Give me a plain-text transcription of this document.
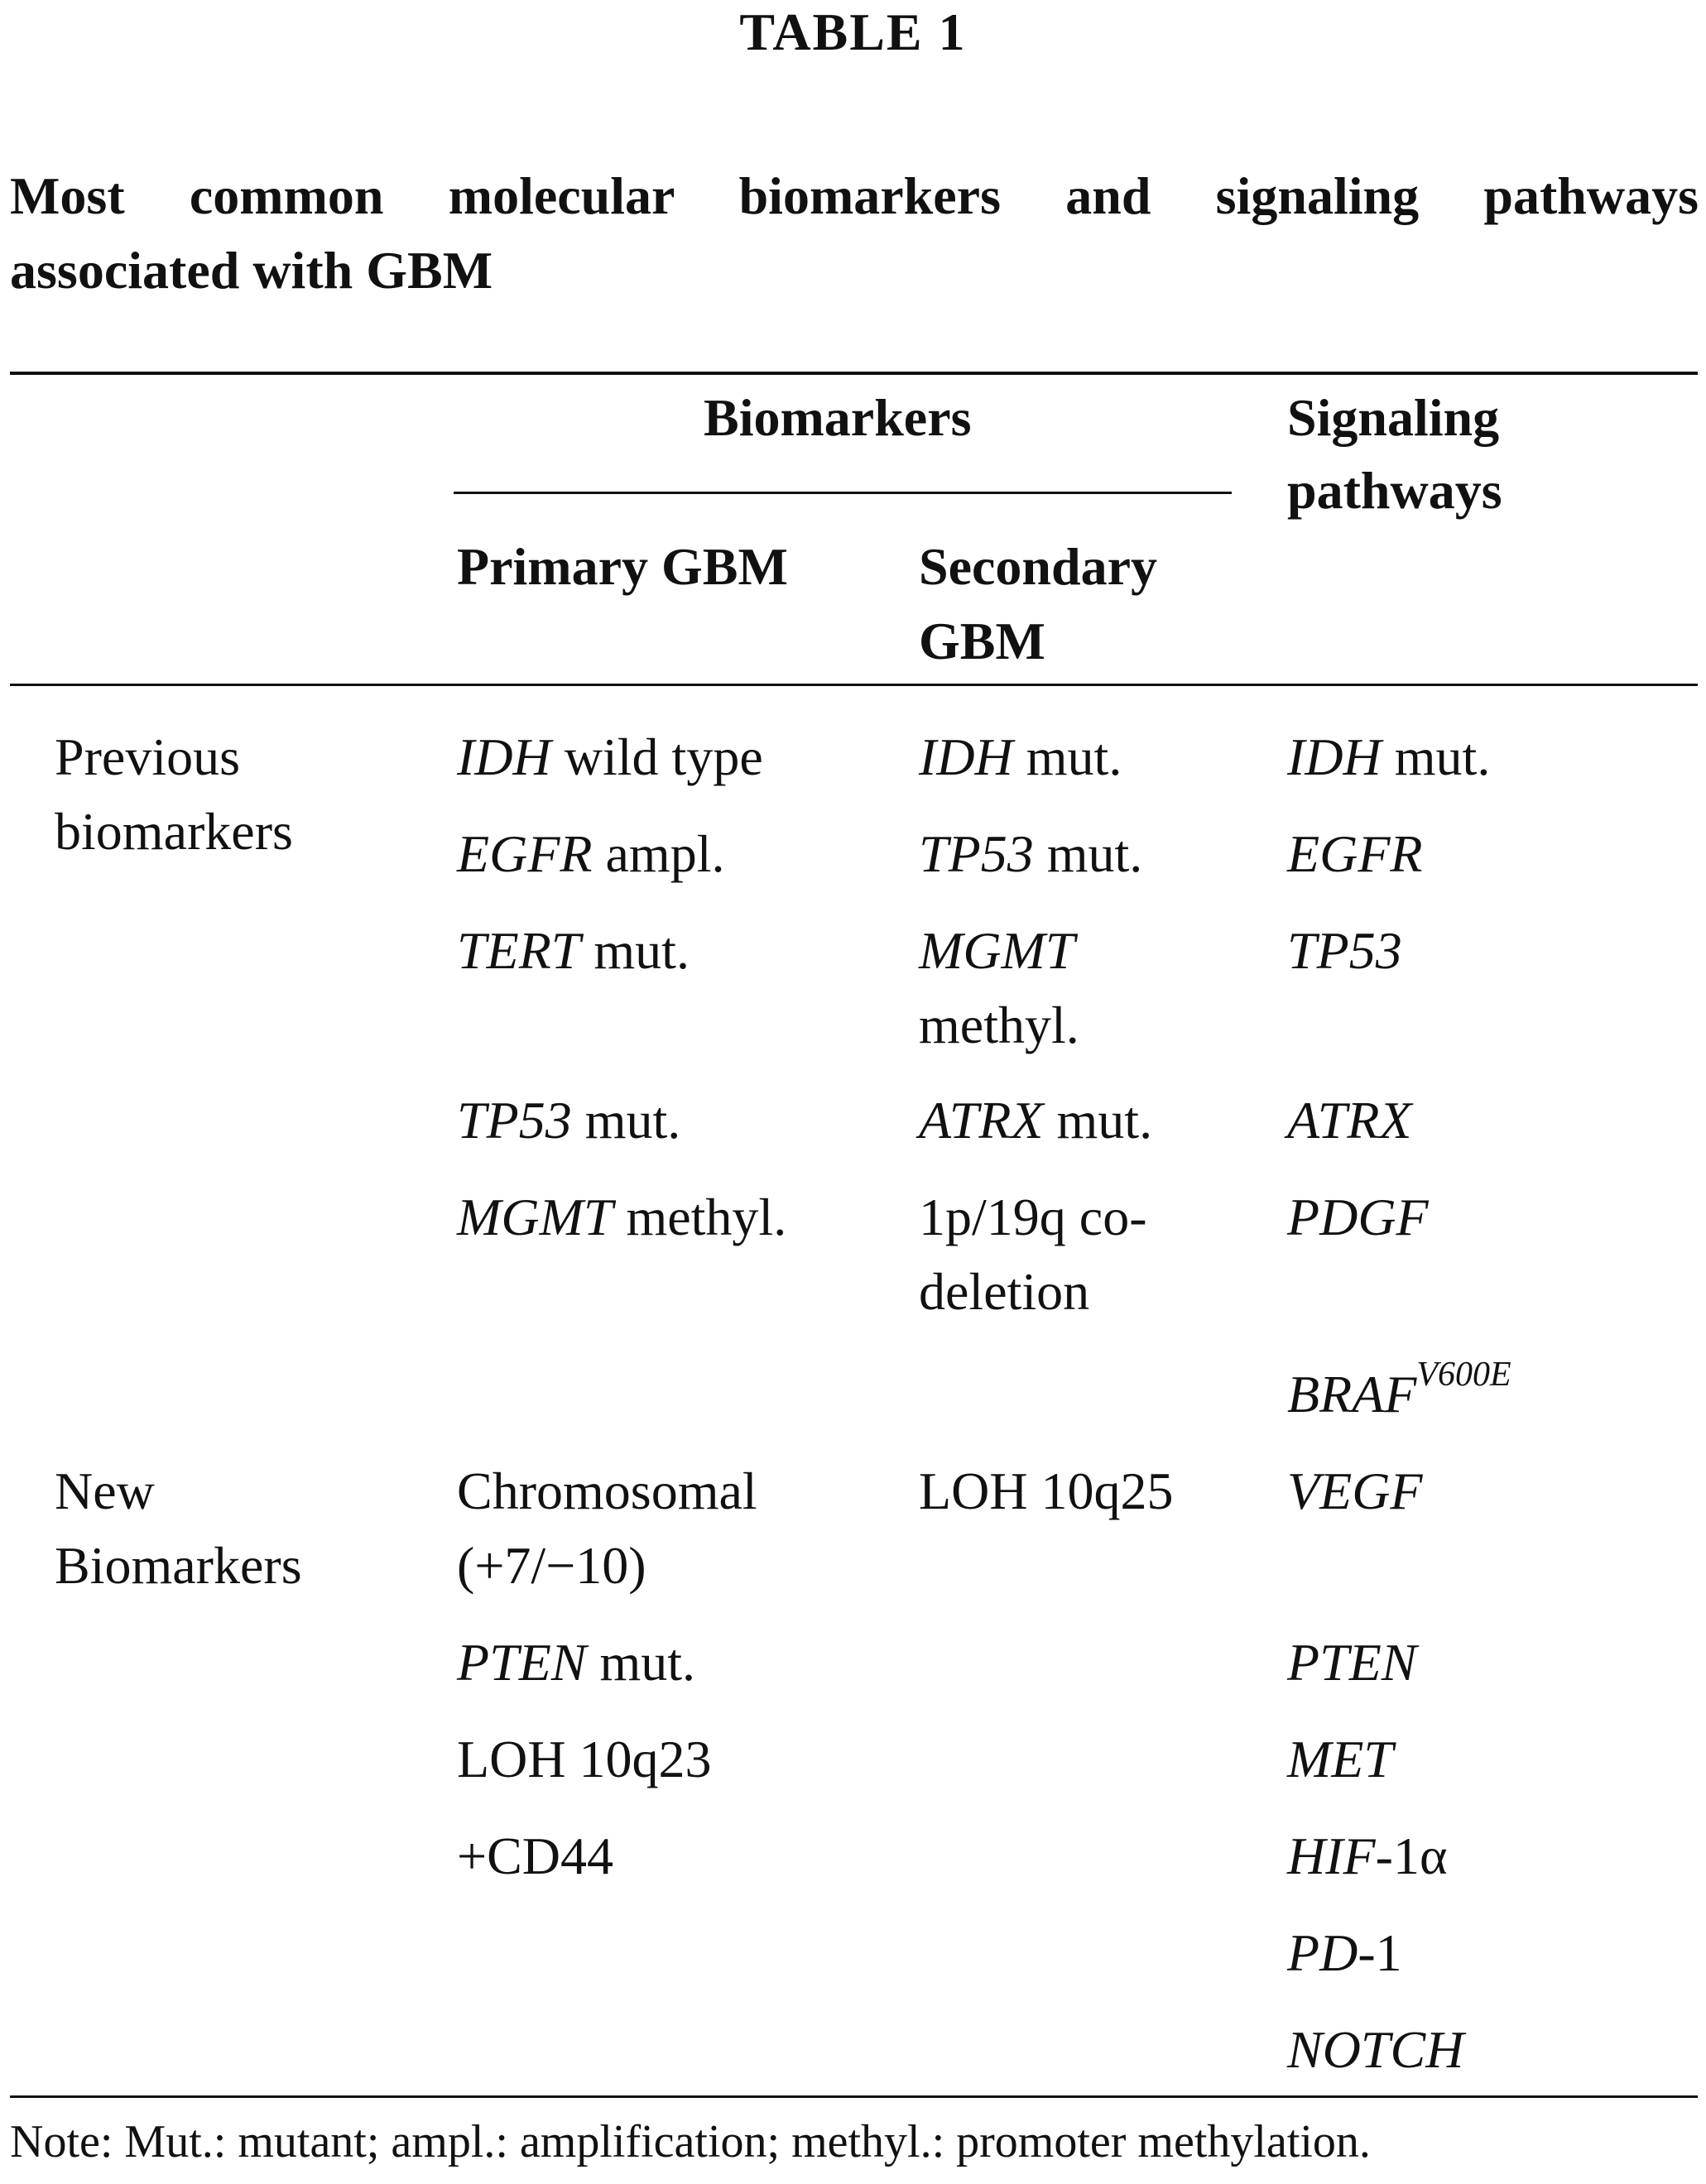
TABLE 1
Most common molecular biomarkers and signaling pathways
associated with GBM
Biomarkers	Signaling
pathways
Primary GBM Secondary
GBM
Previous
biomarkers
New
Biomarkers
IDH wild type
EGFR ampl.
TERT mut.
TP53 mut.
MGMT methyl.
Chromosomal
(+7/−10)
PTEN mut.
LOH 10q23
+CD44
IDH mut.
TP53 mut.
MGMT
methyl.
ATRX mut.
1p/19q co-
deletion
LOH 10q25
IDH mut.
EGFR
TP53
ATRX
PDGF
$BRAF^{V600E}$
VEGF
PTEN
MET
HIF-1α
PD-1
NOTCH
Note: Mut.: mutant; ampl.: amplification; methyl.: promoter methylation.
